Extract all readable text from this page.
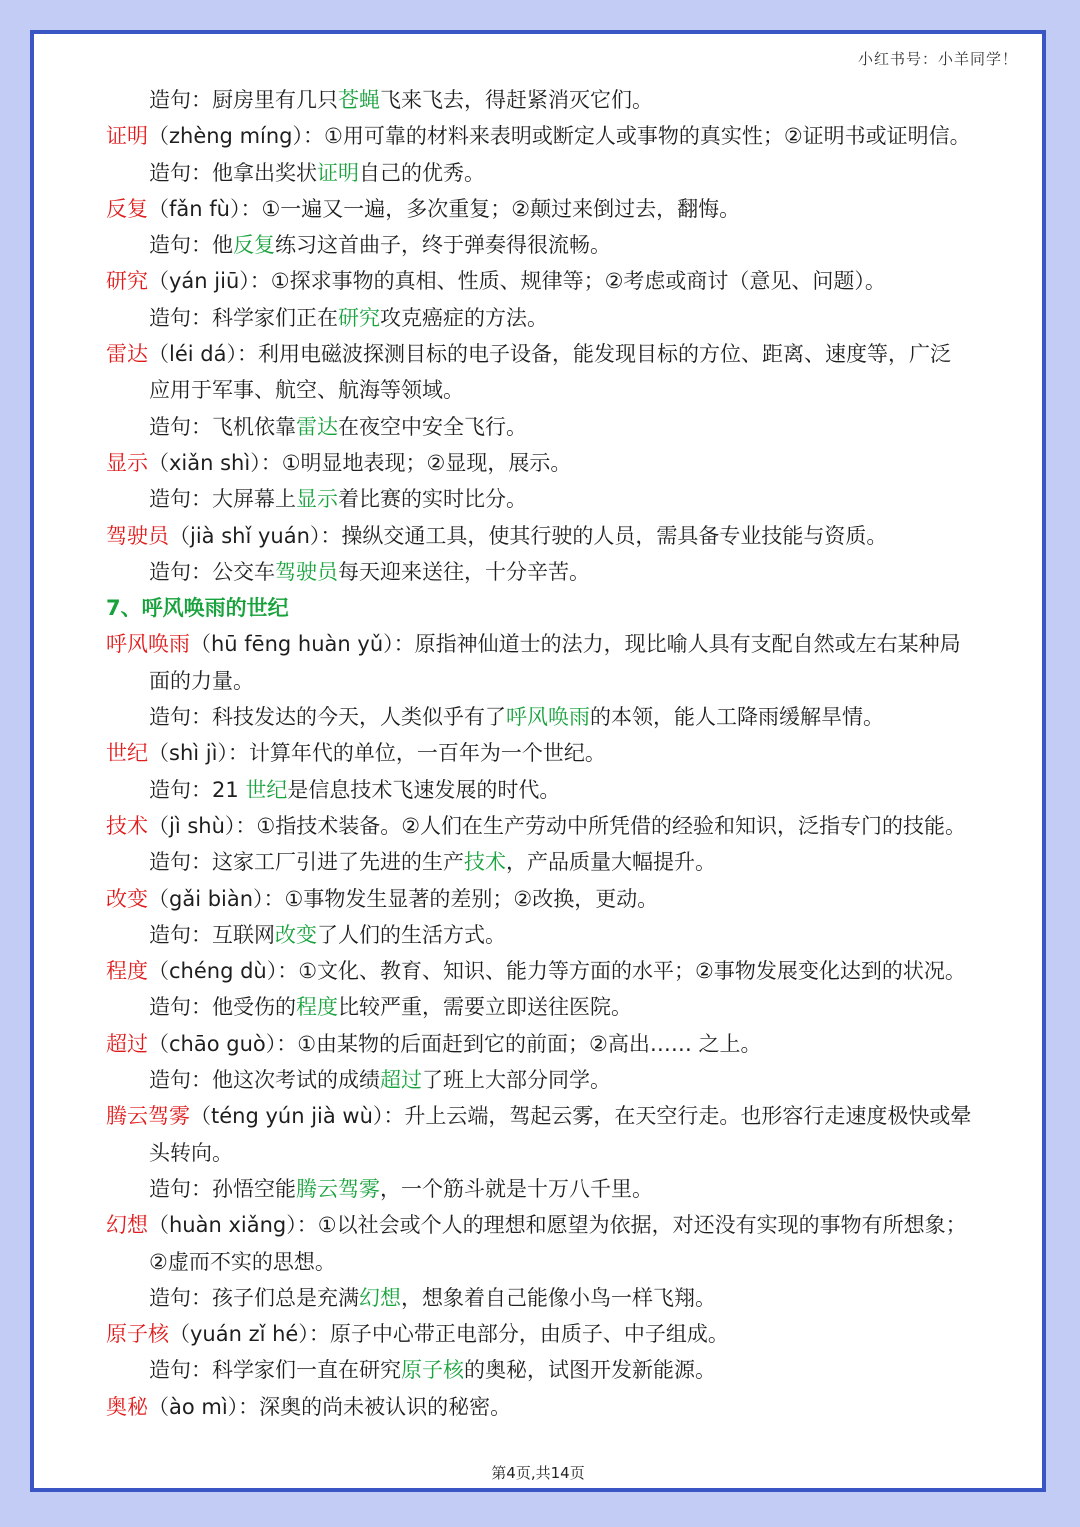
小红书号：小羊同学！
造句：厨房里有几只苍蝇飞来飞去，得赶紧消灭它们。
证明（zhèng míng）：①用可靠的材料来表明或断定人或事物的真实性；②证明书或证明信。
造句：他拿出奖状证明自己的优秀。
反复（fǎn fù）：①一遍又一遍，多次重复；②颠过来倒过去，翻悔。
造句：他反复练习这首曲子，终于弹奏得很流畅。
研究（yán jiū）：①探求事物的真相、性质、规律等；②考虑或商讨（意见、问题）。
造句：科学家们正在研究攻克癌症的方法。
雷达（léi dá）：利用电磁波探测目标的电子设备，能发现目标的方位、距离、速度等，广泛
应用于军事、航空、航海等领域。
造句：飞机依靠雷达在夜空中安全飞行。
显示（xiǎn shì）：①明显地表现；②显现，展示。
造句：大屏幕上显示着比赛的实时比分。
驾驶员（jià shǐ yuán）：操纵交通工具，使其行驶的人员，需具备专业技能与资质。
造句：公交车驾驶员每天迎来送往，十分辛苦。
7、呼风唤雨的世纪
呼风唤雨（hū fēng huàn yǔ）：原指神仙道士的法力，现比喻人具有支配自然或左右某种局
面的力量。
造句：科技发达的今天，人类似乎有了呼风唤雨的本领，能人工降雨缓解旱情。
世纪（shì jì）：计算年代的单位，一百年为一个世纪。
造句：21 世纪是信息技术飞速发展的时代。
技术（jì shù）：①指技术装备。②人们在生产劳动中所凭借的经验和知识，泛指专门的技能。
造句：这家工厂引进了先进的生产技术，产品质量大幅提升。
改变（gǎi biàn）：①事物发生显著的差别；②改换，更动。
造句：互联网改变了人们的生活方式。
程度（chéng dù）：①文化、教育、知识、能力等方面的水平；②事物发展变化达到的状况。
造句：他受伤的程度比较严重，需要立即送往医院。
超过（chāo guò）：①由某物的后面赶到它的前面；②高出…… 之上。
造句：他这次考试的成绩超过了班上大部分同学。
腾云驾雾（téng yún jià wù）：升上云端，驾起云雾，在天空行走。也形容行走速度极快或晕
头转向。
造句：孙悟空能腾云驾雾，一个筋斗就是十万八千里。
幻想（huàn xiǎng）：①以社会或个人的理想和愿望为依据，对还没有实现的事物有所想象；
②虚而不实的思想。
造句：孩子们总是充满幻想，想象着自己能像小鸟一样飞翔。
原子核（yuán zǐ hé）：原子中心带正电部分，由质子、中子组成。
造句：科学家们一直在研究原子核的奥秘，试图开发新能源。
奥秘（ào mì）：深奥的尚未被认识的秘密。
第4页,共14页
